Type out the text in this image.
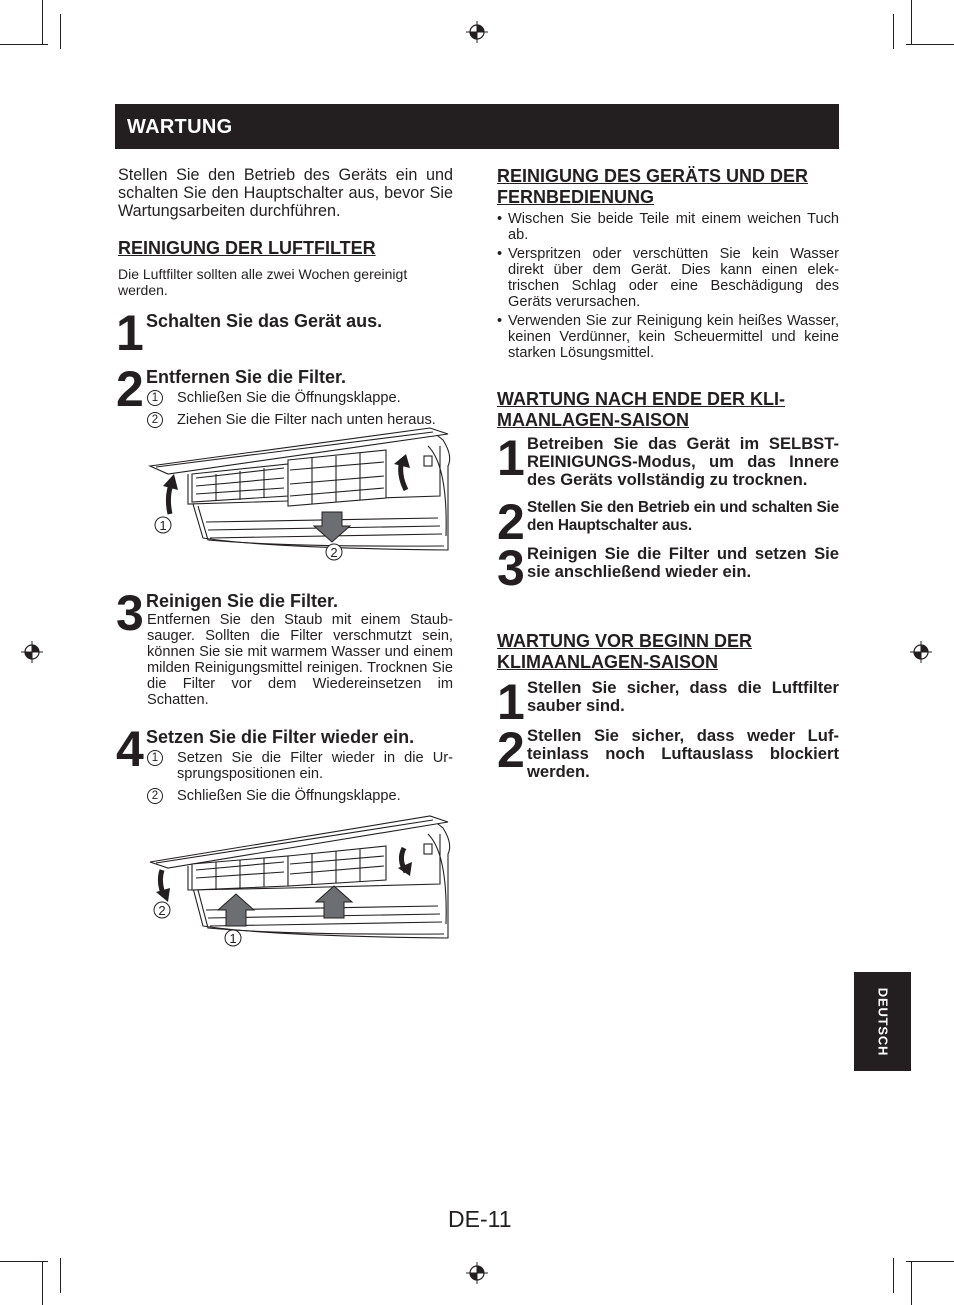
WARTUNG

Stellen Sie den Betrieb des Geräts ein und schalten Sie den Hauptschalter aus, bevor Sie Wartungsarbeiten durchführen.

REINIGUNG DER LUFTFILTER

Die Luftfilter sollten alle zwei Wochen gereinigt werden.

1 Schalten Sie das Gerät aus.
2 Entfernen Sie die Filter.
1	Schließen Sie die Öffnungsklappe.
2	Ziehen Sie die Filter nach unten heraus.
1
2
3 Reinigen Sie die Filter.

Entfernen Sie den Staub mit einem Staubsauger. Sollten die Filter verschmutzt sein, können Sie sie mit warmem Wasser und einem milden Reinigungsmittel reinigen. Trocknen Sie die Filter vor dem Wiedereinsetzen im Schatten.

4 Setzen Sie die Filter wieder ein.
1	Setzen Sie die Filter wieder in die Ursprungspositionen ein.
2	Schließen Sie die Öffnungsklappe.
2
1
REINIGUNG DES GERÄTS UND DER FERNBEDIENUNG

• Wischen Sie beide Teile mit einem weichen Tuch ab.

• Verspritzen oder verschütten Sie kein Wasser direkt über dem Gerät. Dies kann einen elektrischen Schlag oder eine Beschädigung des Geräts verursachen.

• Verwenden Sie zur Reinigung kein heißes Wasser, keinen Verdünner, kein Scheuermittel und keine starken Lösungsmittel.

WARTUNG NACH ENDE DER KLIMAANLAGEN-SAISON
1 Betreiben Sie das Gerät im SELBST-REINIGUNGS-Modus, um das Innere des Geräts vollständig zu trocknen.
2 Stellen Sie den Betrieb ein und schalten Sie den Hauptschalter aus.
3 Reinigen Sie die Filter und setzen Sie sie anschließend wieder ein.
WARTUNG VOR BEGINN DER KLIMAANLAGEN-SAISON
1 Stellen Sie sicher, dass die Luftfilter sauber sind.
2 Stellen Sie sicher, dass weder Lufteinlass noch Luftauslass blockiert werden.
DEUTSCH
DE-11
